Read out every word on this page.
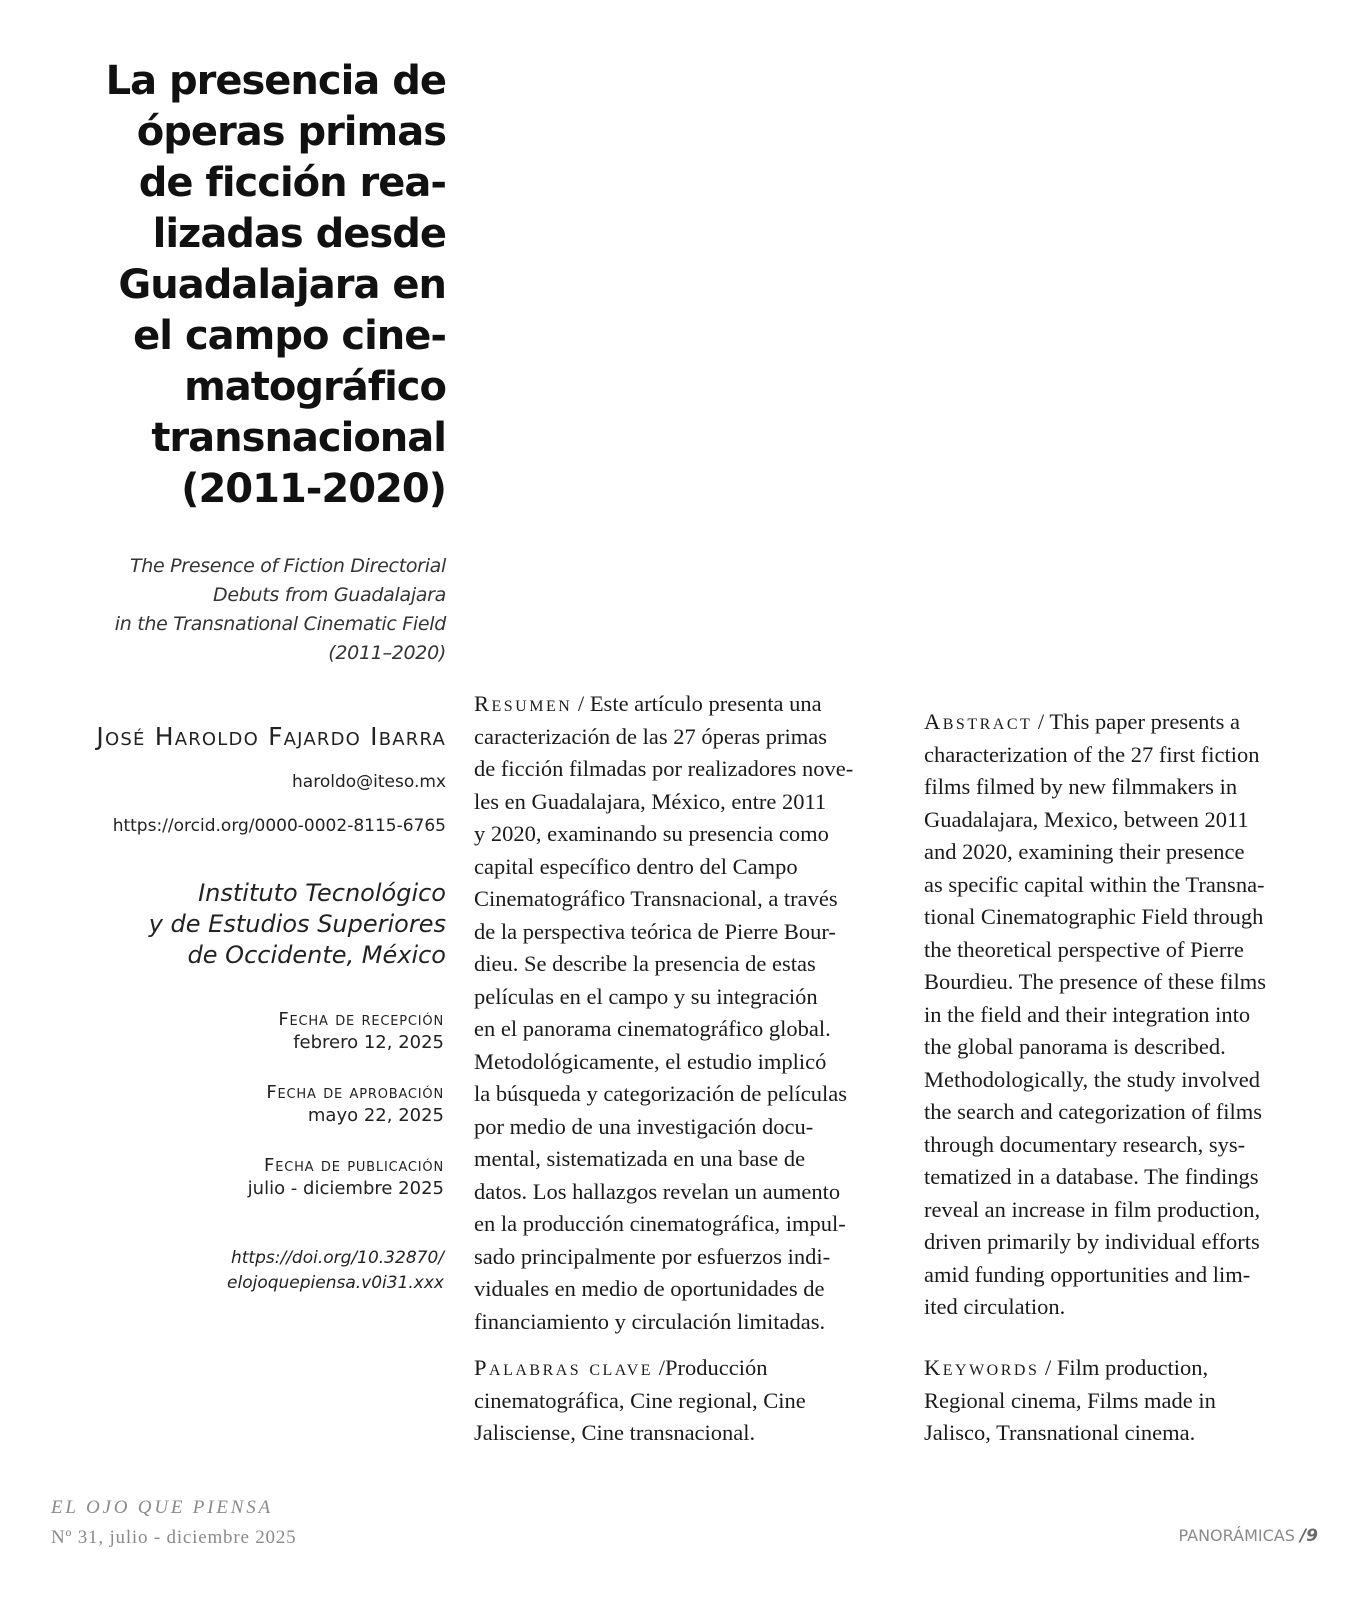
La presencia de
óperas primas
de ficción rea-
lizadas desde
Guadalajara en
el campo cine-
matográfico
transnacional
(2011-2020)
The Presence of Fiction Directorial
Debuts from Guadalajara
in the Transnational Cinematic Field
(2011–2020)
José Haroldo Fajardo Ibarra
haroldo@iteso.mx
https://orcid.org/0000-0002-8115-6765
Instituto Tecnológico
y de Estudios Superiores
de Occidente, México
Fecha de recepción
febrero 12, 2025
Fecha de aprobación
mayo 22, 2025
Fecha de publicación
julio - diciembre 2025
https://doi.org/10.32870/
elojoquepiensa.v0i31.xxx

Resumen / Este artículo presenta una
caracterización de las 27 óperas primas
de ficción filmadas por realizadores nove-
les en Guadalajara, México, entre 2011
y 2020, examinando su presencia como
capital específico dentro del Campo
Cinematográfico Transnacional, a través
de la perspectiva teórica de Pierre Bour-
dieu. Se describe la presencia de estas
películas en el campo y su integración
en el panorama cinematográfico global.
Metodológicamente, el estudio implicó
la búsqueda y categorización de películas
por medio de una investigación docu-
mental, sistematizada en una base de
datos. Los hallazgos revelan un aumento
en la producción cinematográfica, impul-
sado principalmente por esfuerzos indi-
viduales en medio de oportunidades de
financiamiento y circulación limitadas.

Palabras clave /Producción
cinematográfica, Cine regional, Cine
Jalisciense, Cine transnacional.

Abstract / This paper presents a
characterization of the 27 first fiction
films filmed by new filmmakers in
Guadalajara, Mexico, between 2011
and 2020, examining their presence
as specific capital within the Transna-
tional Cinematographic Field through
the theoretical perspective of Pierre
Bourdieu. The presence of these films
in the field and their integration into
the global panorama is described.
Methodologically, the study involved
the search and categorization of films
through documentary research, sys-
tematized in a database. The findings
reveal an increase in film production,
driven primarily by individual efforts
amid funding opportunities and lim-
ited circulation.

Keywords / Film production,
Regional cinema, Films made in
Jalisco, Transnational cinema.

EL OJO QUE PIENSA
Nº 31, julio - diciembre 2025	PANORÁMICAS /9
